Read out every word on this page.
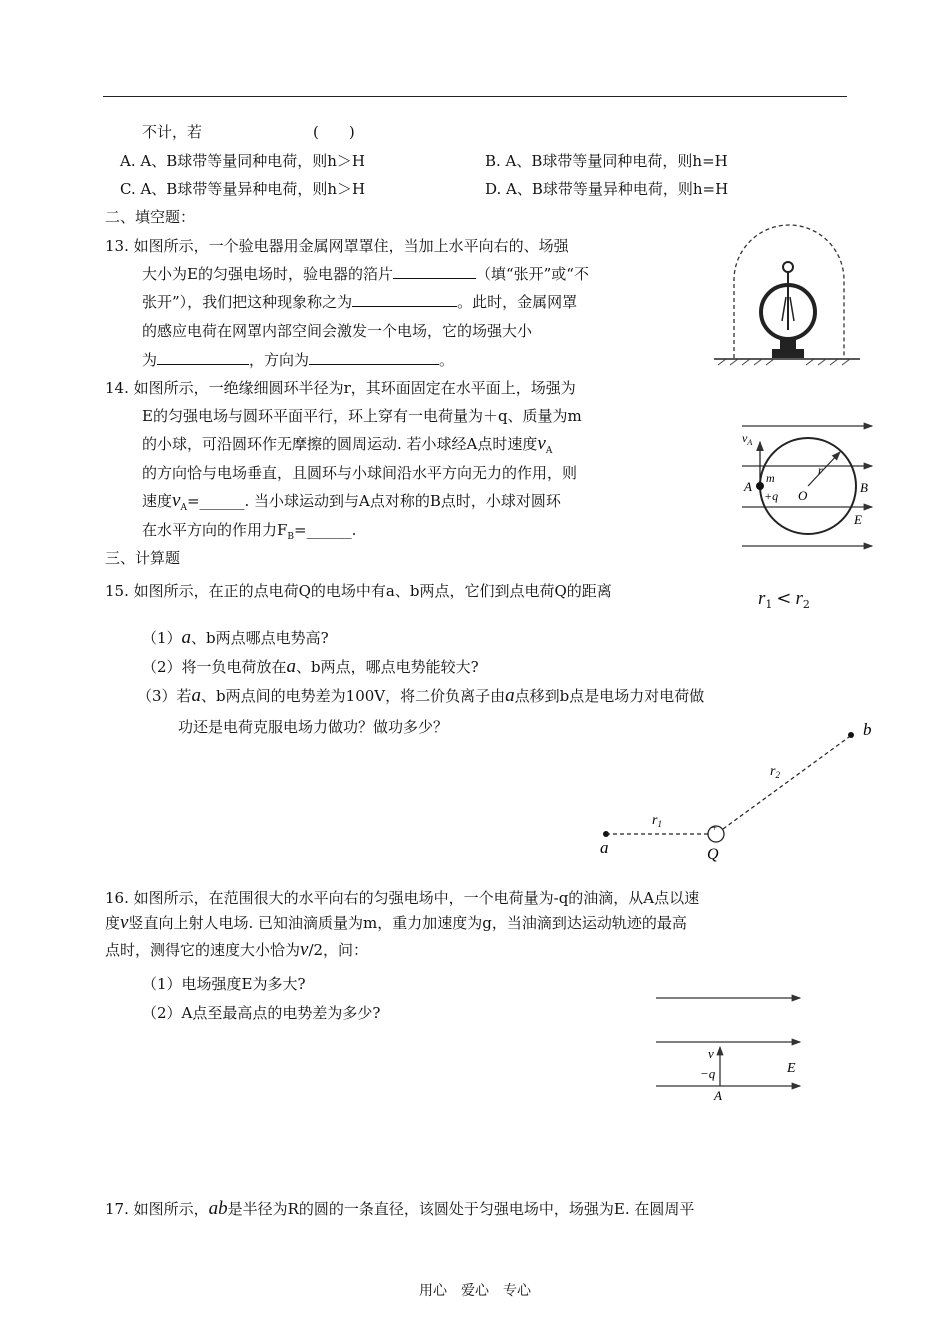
不计，若	(　　)
A. A、B球带等量同种电荷，则h＞H	B. A、B球带等量同种电荷，则h=H
C. A、B球带等量异种电荷，则h＞H	D. A、B球带等量异种电荷，则h=H
二、填空题：
13. 如图所示，一个验电器用金属网罩罩住，当加上水平向右的、场强
大小为E的匀强电场时，验电器的箔片	（填“张开”或“不
张开”），我们把这种现象称之为	。此时，金属网罩
的感应电荷在网罩内部空间会激发一个电场，它的场强大小
为	，方向为	。
14. 如图所示，一绝缘细圆环半径为r，其环面固定在水平面上，场强为
E的匀强电场与圆环平面平行，环上穿有一电荷量为＋q、质量为m
的小球，可沿圆环作无摩擦的圆周运动. 若小球经A点时速度$v_A$
的方向恰与电场垂直，且圆环与小球间沿水平方向无力的作用，则
速度$v_A=\_\_\_\_\_\_$. 当小球运动到与A点对称的B点时，小球对圆环
在水平方向的作用力$F_B=\_\_\_\_\_\_$.
$v_A$
A
m
+q
r
O
B
E
三、计算题
15. 如图所示，在正的点电荷Q的电场中有a、b两点，它们到点电荷Q的距离	$r_1 < r_2$
（1）a、b两点哪点电势高?
（2）将一负电荷放在a、b两点，哪点电势能较大?
（3）若a、b两点间的电势差为100V，将二价负离子由a点移到b点是电场力对电荷做
功还是电荷克服电场力做功？做功多少？
+
a
b
Q
$r_1$
$r_2$
16. 如图所示，在范围很大的水平向右的匀强电场中，一个电荷量为-q的油滴，从A点以速
度v竖直向上射人电场. 已知油滴质量为m，重力加速度为g，当油滴到达运动轨迹的最高
点时，测得它的速度大小恰为v/2，问：
（1）电场强度E为多大?
（2）A点至最高点的电势差为多少?
v
−q	E
A
17. 如图所示，ab是半径为R的圆的一条直径，该圆处于匀强电场中，场强为E. 在圆周平
用心　爱心　专心
